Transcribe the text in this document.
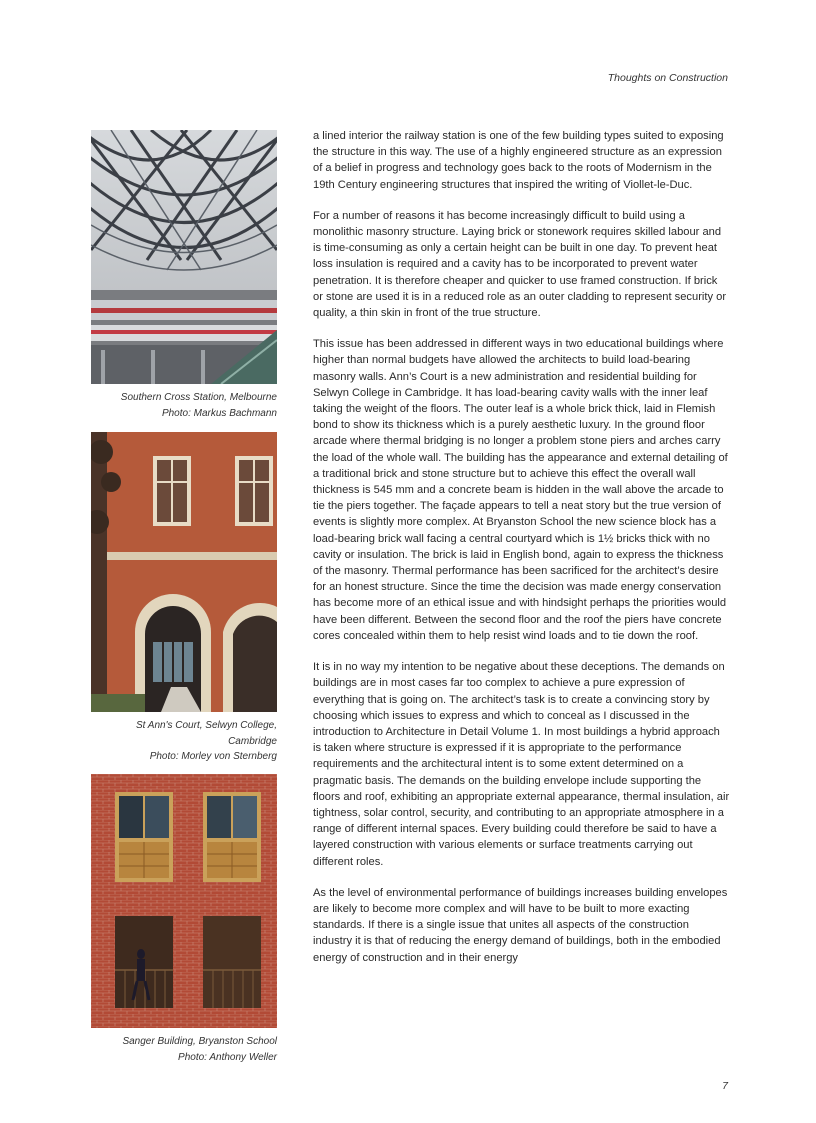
Thoughts on Construction
Southern Cross Station, Melbourne
Photo: Markus Bachmann
St Ann's Court, Selwyn College,
Cambridge
Photo: Morley von Sternberg
Sanger Building, Bryanston School
Photo: Anthony Weller

a lined interior the railway station is one of the few building types suited to exposing the structure in this way. The use of a highly engineered structure as an expression of a belief in progress and technology goes back to the roots of Modernism in the 19th Century engineering structures that inspired the writing of Viollet-le-Duc.

For a number of reasons it has become increasingly difficult to build using a monolithic masonry structure. Laying brick or stonework requires skilled labour and is time-consuming as only a certain height can be built in one day. To prevent heat loss insulation is required and a cavity has to be incorporated to prevent water penetration. It is therefore cheaper and quicker to use framed construction. If brick or stone are used it is in a reduced role as an outer cladding to represent security or quality, a thin skin in front of the true structure.

This issue has been addressed in different ways in two educational buildings where higher than normal budgets have allowed the architects to build load-bearing masonry walls. Ann’s Court is a new administration and residential building for Selwyn College in Cambridge. It has load-bearing cavity walls with the inner leaf taking the weight of the floors. The outer leaf is a whole brick thick, laid in Flemish bond to show its thickness which is a purely aesthetic luxury. In the ground floor arcade where thermal bridging is no longer a problem stone piers and arches carry the load of the whole wall. The building has the appearance and external detailing of a traditional brick and stone structure but to achieve this effect the overall wall thickness is 545 mm and a concrete beam is hidden in the wall above the arcade to tie the piers together. The façade appears to tell a neat story but the true version of events is slightly more complex. At Bryanston School the new science block has a load-bearing brick wall facing a central courtyard which is 1½ bricks thick with no cavity or insulation. The brick is laid in English bond, again to express the thickness of the masonry. Thermal performance has been sacrificed for the architect’s desire for an honest structure. Since the time the decision was made energy conservation has become more of an ethical issue and with hindsight perhaps the priorities would have been different. Between the second floor and the roof the piers have concrete cores concealed within them to help resist wind loads and to tie down the roof.

It is in no way my intention to be negative about these deceptions. The demands on buildings are in most cases far too complex to achieve a pure expression of everything that is going on. The architect’s task is to create a convincing story by choosing which issues to express and which to conceal as I discussed in the introduction to Architecture in Detail Volume 1. In most buildings a hybrid approach is taken where structure is expressed if it is appropriate to the performance requirements and the architectural intent is to some extent determined on a pragmatic basis. The demands on the building envelope include supporting the floors and roof, exhibiting an appropriate external appearance, thermal insulation, air tightness, solar control, security, and contributing to an appropriate atmosphere in a range of different internal spaces. Every building could therefore be said to have a layered construction with various elements or surface treatments carrying out different roles.

As the level of environmental performance of buildings increases building envelopes are likely to become more complex and will have to be built to more exacting standards. If there is a single issue that unites all aspects of the construction industry it is that of reducing the energy demand of buildings, both in the embodied energy of construction and in their energy

7
